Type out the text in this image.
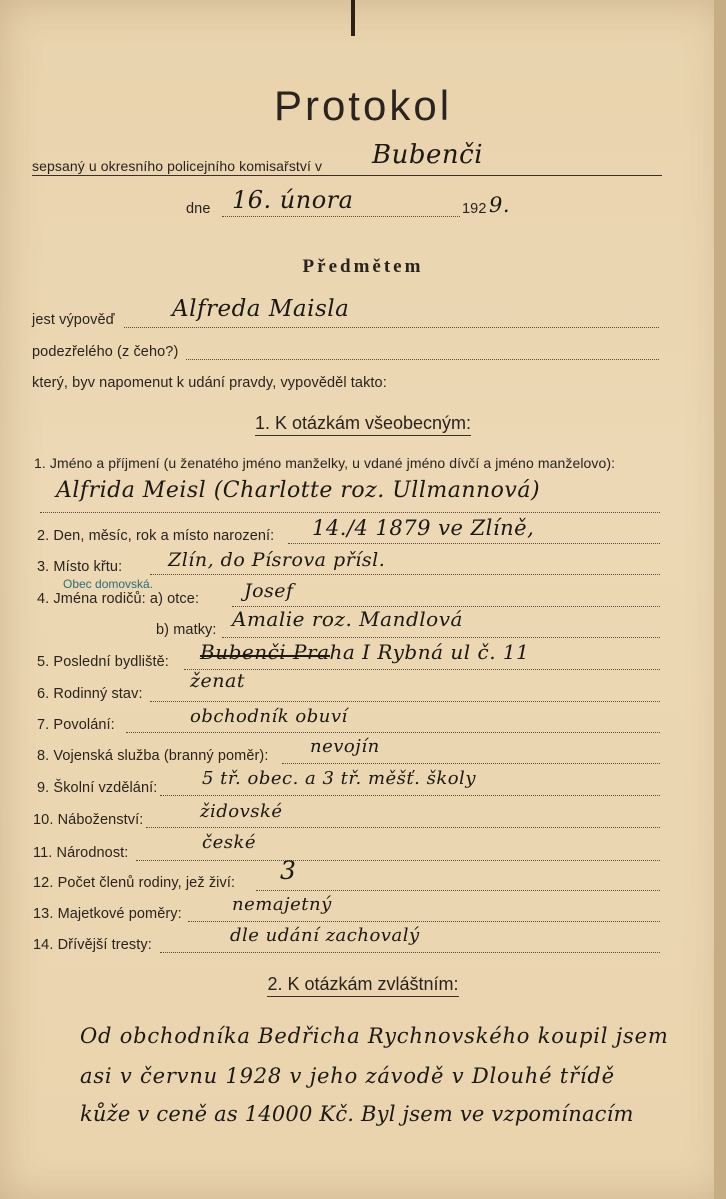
Protokol
sepsaný u okresního policejního komisařství v Bubenči
dne 16. února	192 9.
Předmětem
jest výpověď Alfreda Maisla
podezřelého (z čeho?)
který, byv napomenut k udání pravdy, vypověděl takto:
1. K otázkám všeobecným:
1. Jméno a příjmení (u ženatého jméno manželky, u vdané jméno dívčí a jméno manželovo):
Alfrida Meisl (Charlotte roz. Ullmannová)
2. Den, měsíc, rok a místo narození: 14./4 1879 ve Zlíně,
3. Místo křtu: Zlín, do Písrova přísl.
Obec domovská.
4. Jména rodičů: a) otce: Josef
b) matky: Amalie roz. Mandlová
5. Poslední bydliště: Bubenči Praha I Rybná ul č. 11
6. Rodinný stav:
ženat
7. Povolání:	obchodník obuví
8. Vojenská služba (branný poměr): nevojín
9. Školní vzdělání: 5 tř. obec. a 3 tř. měšť. školy
10. Náboženství:	židovské
11. Národnost:	české
12. Počet členů rodiny, jež živí: 3
13. Majetkové poměry:	nemajetný
14. Dřívější tresty:	dle udání zachovalý
2. K otázkám zvláštním:
Od obchodníka Bedřicha Rychnovského koupil jsem
asi v červnu 1928 v jeho závodě v Dlouhé třídě
kůže v ceně as 14000 Kč. Byl jsem ve vzpomínacím
